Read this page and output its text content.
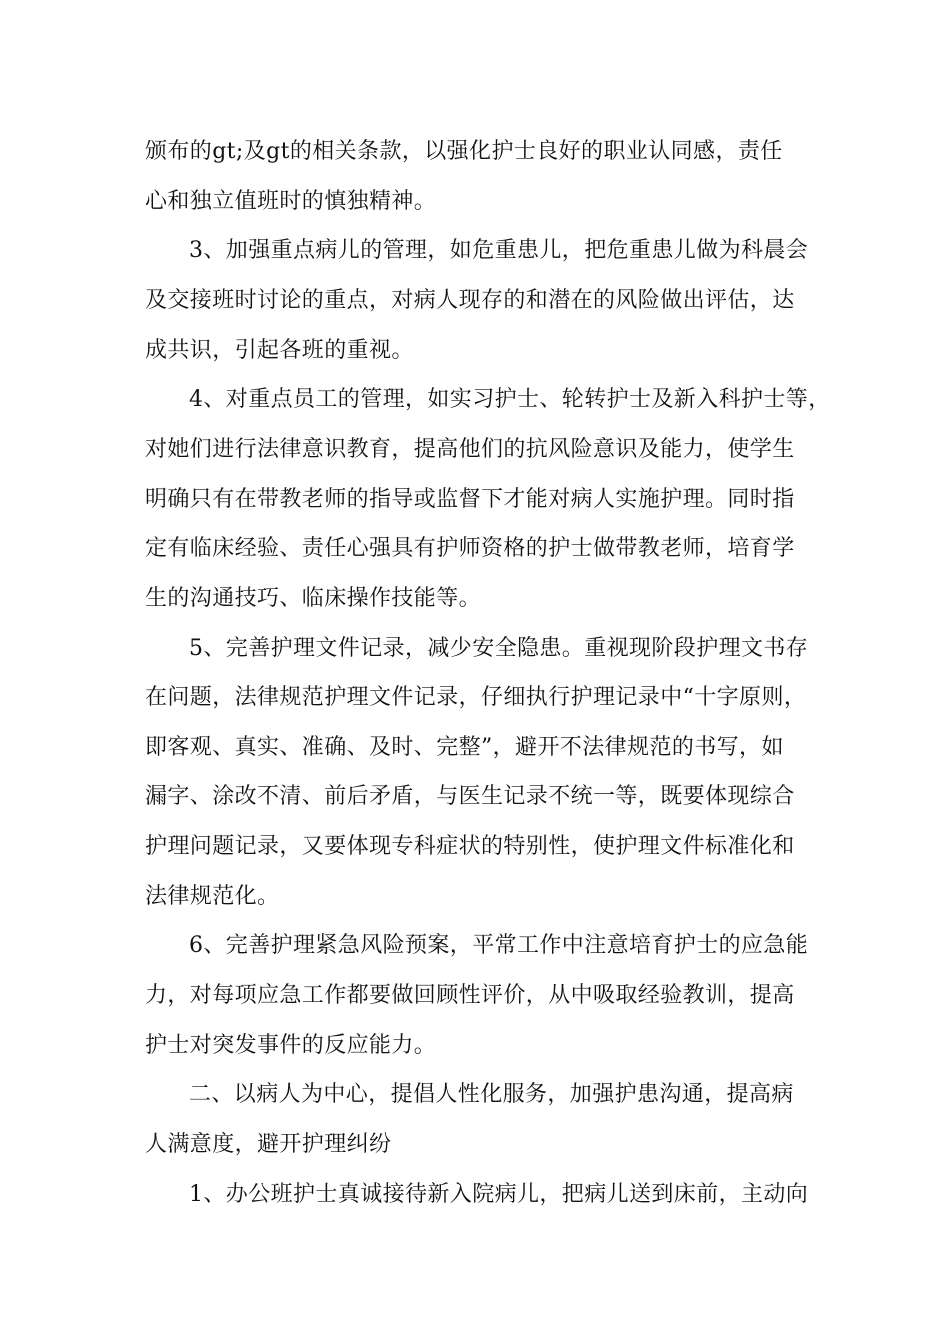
颁布的gt;及gt的相关条款，以强化护士良好的职业认同感，责任
心和独立值班时的慎独精神。
3、加强重点病儿的管理，如危重患儿，把危重患儿做为科晨会
及交接班时讨论的重点，对病人现存的和潜在的风险做出评估，达
成共识，引起各班的重视。
4、对重点员工的管理，如实习护士、轮转护士及新入科护士等，
对她们进行法律意识教育，提高他们的抗风险意识及能力，使学生
明确只有在带教老师的指导或监督下才能对病人实施护理。同时指
定有临床经验、责任心强具有护师资格的护士做带教老师，培育学
生的沟通技巧、临床操作技能等。
5、完善护理文件记录，减少安全隐患。重视现阶段护理文书存
在问题，法律规范护理文件记录，仔细执行护理记录中“十字原则，
即客观、真实、准确、及时、完整”，避开不法律规范的书写，如
漏字、涂改不清、前后矛盾，与医生记录不统一等，既要体现综合
护理问题记录，又要体现专科症状的特别性，使护理文件标准化和
法律规范化。
6、完善护理紧急风险预案，平常工作中注意培育护士的应急能
力，对每项应急工作都要做回顾性评价，从中吸取经验教训，提高
护士对突发事件的反应能力。
二、以病人为中心，提倡人性化服务，加强护患沟通，提高病
人满意度，避开护理纠纷
1、办公班护士真诚接待新入院病儿，把病儿送到床前，主动向
